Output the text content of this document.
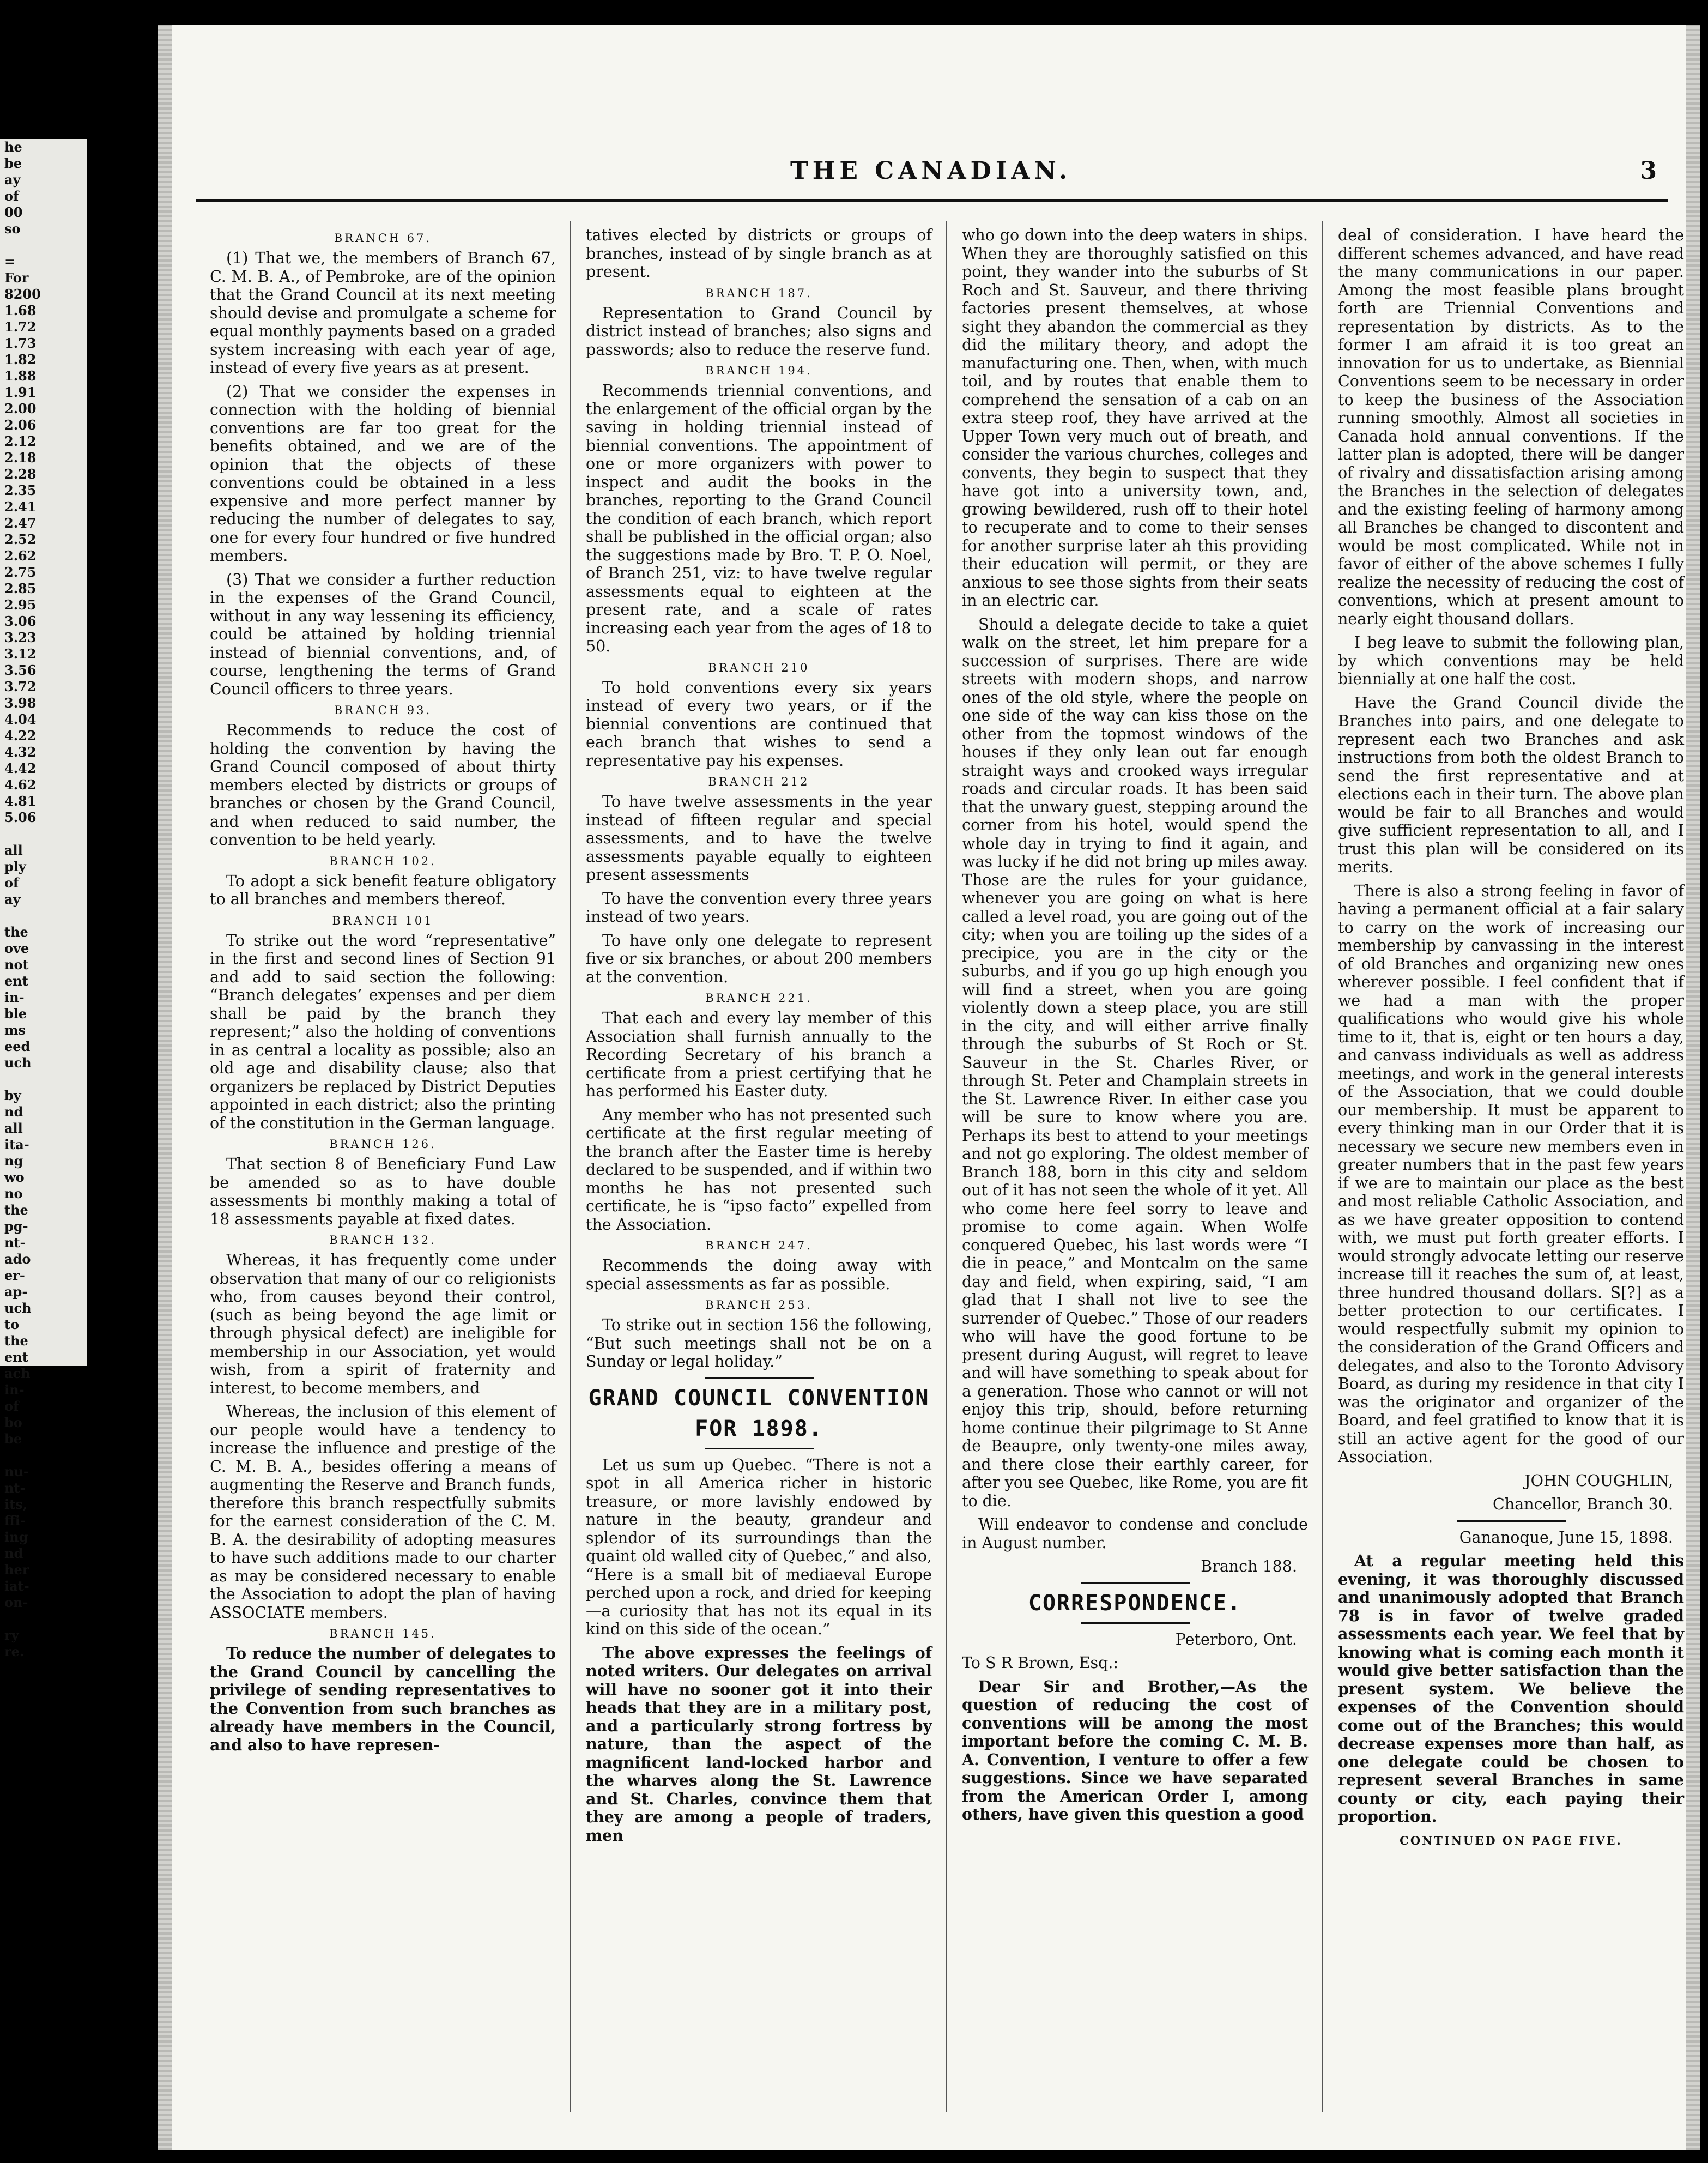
he
be
ay
of
00
so

=
For
8200
1.68
1.72
1.73
1.82
1.88
1.91
2.00
2.06
2.12
2.18
2.28
2.35
2.41
2.47
2.52
2.62
2.75
2.85
2.95
3.06
3.23
3.12
3.56
3.72
3.98
4.04
4.22
4.32
4.42
4.62
4.81
5.06

all
ply
of
ay

the
ove
not
ent
in-
ble
ms
eed
uch

by
nd
all
ita-
ng
wo
no
the
pg-
nt-
ado
er-
ap-
uch
to
the
ent
ach
in-
of
bo
be

nu-
nt-
its,
ffi-
ing
nd
her
iat-
on-

ry
re.
THE CANADIAN.	3
BRANCH 67.

(1) That we, the members of Branch 67, C. M. B. A., of Pembroke, are of the opinion that the Grand Council at its next meeting should devise and promulgate a scheme for equal monthly payments based on a graded system increasing with each year of age, instead of every five years as at present.

(2) That we consider the expenses in connection with the holding of biennial conventions are far too great for the benefits obtained, and we are of the opinion that the objects of these conventions could be obtained in a less expensive and more perfect manner by reducing the number of delegates to say, one for every four hundred or five hundred members.

(3) That we consider a further reduction in the expenses of the Grand Council, without in any way lessening its efficiency, could be attained by holding triennial instead of biennial conventions, and, of course, lengthening the terms of Grand Council officers to three years.

BRANCH 93.

Recommends to reduce the cost of holding the convention by having the Grand Council composed of about thirty members elected by districts or groups of branches or chosen by the Grand Council, and when reduced to said number, the convention to be held yearly.

BRANCH 102.

To adopt a sick benefit feature obligatory to all branches and members thereof.

BRANCH 101

To strike out the word “representative” in the first and second lines of Section 91 and add to said section the following: “Branch delegates’ expenses and per diem shall be paid by the branch they represent;” also the holding of conventions in as central a locality as possible; also an old age and disability clause; also that organizers be replaced by District Deputies appointed in each district; also the printing of the constitution in the German language.

BRANCH 126.

That section 8 of Beneficiary Fund Law be amended so as to have double assessments bi monthly making a total of 18 assessments payable at fixed dates.

BRANCH 132.

Whereas, it has frequently come under observation that many of our co religionists who, from causes beyond their control, (such as being beyond the age limit or through physical defect) are ineligible for membership in our Association, yet would wish, from a spirit of fraternity and interest, to become members, and

Whereas, the inclusion of this element of our people would have a tendency to increase the influence and prestige of the C. M. B. A., besides offering a means of augmenting the Reserve and Branch funds, therefore this branch respectfully submits for the earnest consideration of the C. M. B. A. the desirability of adopting measures to have such additions made to our charter as may be considered necessary to enable the Association to adopt the plan of having ASSOCIATE members.

BRANCH 145.

To reduce the number of delegates to the Grand Council by cancelling the privilege of sending representatives to the Convention from such branches as already have members in the Council, and also to have represen-

tatives elected by districts or groups of branches, instead of by single branch as at present.

BRANCH 187.

Representation to Grand Council by district instead of branches; also signs and passwords; also to reduce the reserve fund.

BRANCH 194.

Recommends triennial conventions, and the enlargement of the official organ by the saving in holding triennial instead of biennial conventions. The appointment of one or more organizers with power to inspect and audit the books in the branches, reporting to the Grand Council the condition of each branch, which report shall be published in the official organ; also the suggestions made by Bro. T. P. O. Noel, of Branch 251, viz: to have twelve regular assessments equal to eighteen at the present rate, and a scale of rates increasing each year from the ages of 18 to 50.

BRANCH 210

To hold conventions every six years instead of every two years, or if the biennial conventions are continued that each branch that wishes to send a representative pay his expenses.

BRANCH 212

To have twelve assessments in the year instead of fifteen regular and special assessments, and to have the twelve assessments payable equally to eighteen present assessments

To have the convention every three years instead of two years.

To have only one delegate to represent five or six branches, or about 200 members at the convention.

BRANCH 221.

That each and every lay member of this Association shall furnish annually to the Recording Secretary of his branch a certificate from a priest certifying that he has performed his Easter duty.

Any member who has not presented such certificate at the first regular meeting of the branch after the Easter time is hereby declared to be suspended, and if within two months he has not presented such certificate, he is “ipso facto” expelled from the Association.

BRANCH 247.

Recommends the doing away with special assessments as far as possible.

BRANCH 253.

To strike out in section 156 the following, “But such meetings shall not be on a Sunday or legal holiday.”

GRAND COUNCIL CONVENTION
FOR 1898.

Let us sum up Quebec. “There is not a spot in all America richer in historic treasure, or more lavishly endowed by nature in the beauty, grandeur and splendor of its surroundings than the quaint old walled city of Quebec,” and also, “Here is a small bit of mediaeval Europe perched upon a rock, and dried for keeping—a curiosity that has not its equal in its kind on this side of the ocean.”

The above expresses the feelings of noted writers. Our delegates on arrival will have no sooner got it into their heads that they are in a military post, and a particularly strong fortress by nature, than the aspect of the magnificent land-locked harbor and the wharves along the St. Lawrence and St. Charles, convince them that they are among a people of traders, men

who go down into the deep waters in ships. When they are thoroughly satisfied on this point, they wander into the suburbs of St Roch and St. Sauveur, and there thriving factories present themselves, at whose sight they abandon the commercial as they did the military theory, and adopt the manufacturing one. Then, when, with much toil, and by routes that enable them to comprehend the sensation of a cab on an extra steep roof, they have arrived at the Upper Town very much out of breath, and consider the various churches, colleges and convents, they begin to suspect that they have got into a university town, and, growing bewildered, rush off to their hotel to recuperate and to come to their senses for another surprise later ah this providing their education will permit, or they are anxious to see those sights from their seats in an electric car.

Should a delegate decide to take a quiet walk on the street, let him prepare for a succession of surprises. There are wide streets with modern shops, and narrow ones of the old style, where the people on one side of the way can kiss those on the other from the topmost windows of the houses if they only lean out far enough straight ways and crooked ways irregular roads and circular roads. It has been said that the unwary guest, stepping around the corner from his hotel, would spend the whole day in trying to find it again, and was lucky if he did not bring up miles away. Those are the rules for your guidance, whenever you are going on what is here called a level road, you are going out of the city; when you are toiling up the sides of a precipice, you are in the city or the suburbs, and if you go up high enough you will find a street, when you are going violently down a steep place, you are still in the city, and will either arrive finally through the suburbs of St Roch or St. Sauveur in the St. Charles River, or through St. Peter and Champlain streets in the St. Lawrence River. In either case you will be sure to know where you are. Perhaps its best to attend to your meetings and not go exploring. The oldest member of Branch 188, born in this city and seldom out of it has not seen the whole of it yet. All who come here feel sorry to leave and promise to come again. When Wolfe conquered Quebec, his last words were “I die in peace,” and Montcalm on the same day and field, when expiring, said, “I am glad that I shall not live to see the surrender of Quebec.” Those of our readers who will have the good fortune to be present during August, will regret to leave and will have something to speak about for a generation. Those who cannot or will not enjoy this trip, should, before returning home continue their pilgrimage to St Anne de Beaupre, only twenty-one miles away, and there close their earthly career, for after you see Quebec, like Rome, you are fit to die.

Will endeavor to condense and conclude in August number.

Branch 188.

CORRESPONDENCE.

Peterboro, Ont.

To S R Brown, Esq.:

Dear Sir and Brother,—As the question of reducing the cost of conventions will be among the most important before the coming C. M. B. A. Convention, I venture to offer a few suggestions. Since we have separated from the American Order I, among others, have given this question a good

deal of consideration. I have heard the different schemes advanced, and have read the many communications in our paper. Among the most feasible plans brought forth are Triennial Conventions and representation by districts. As to the former I am afraid it is too great an innovation for us to undertake, as Biennial Conventions seem to be necessary in order to keep the business of the Association running smoothly. Almost all societies in Canada hold annual conventions. If the latter plan is adopted, there will be danger of rivalry and dissatisfaction arising among the Branches in the selection of delegates and the existing feeling of harmony among all Branches be changed to discontent and would be most complicated. While not in favor of either of the above schemes I fully realize the necessity of reducing the cost of conventions, which at present amount to nearly eight thousand dollars.

I beg leave to submit the following plan, by which conventions may be held biennially at one half the cost.

Have the Grand Council divide the Branches into pairs, and one delegate to represent each two Branches and ask instructions from both the oldest Branch to send the first representative and at elections each in their turn. The above plan would be fair to all Branches and would give sufficient representation to all, and I trust this plan will be considered on its merits.

There is also a strong feeling in favor of having a permanent official at a fair salary to carry on the work of increasing our membership by canvassing in the interest of old Branches and organizing new ones wherever possible. I feel confident that if we had a man with the proper qualifications who would give his whole time to it, that is, eight or ten hours a day, and canvass individuals as well as address meetings, and work in the general interests of the Association, that we could double our membership. It must be apparent to every thinking man in our Order that it is necessary we secure new members even in greater numbers that in the past few years if we are to maintain our place as the best and most reliable Catholic Association, and as we have greater opposition to contend with, we must put forth greater efforts. I would strongly advocate letting our reserve increase till it reaches the sum of, at least, three hundred thousand dollars. S[?] as a better protection to our certificates. I would respectfully submit my opinion to the consideration of the Grand Officers and delegates, and also to the Toronto Advisory Board, as during my residence in that city I was the originator and organizer of the Board, and feel gratified to know that it is still an active agent for the good of our Association.

JOHN COUGHLIN,

Chancellor, Branch 30.

Gananoque, June 15, 1898.

At a regular meeting held this evening, it was thoroughly discussed and unanimously adopted that Branch 78 is in favor of twelve graded assessments each year. We feel that by knowing what is coming each month it would give better satisfaction than the present system. We believe the expenses of the Convention should come out of the Branches; this would decrease expenses more than half, as one delegate could be chosen to represent several Branches in same county or city, each paying their proportion.

CONTINUED ON PAGE FIVE.
